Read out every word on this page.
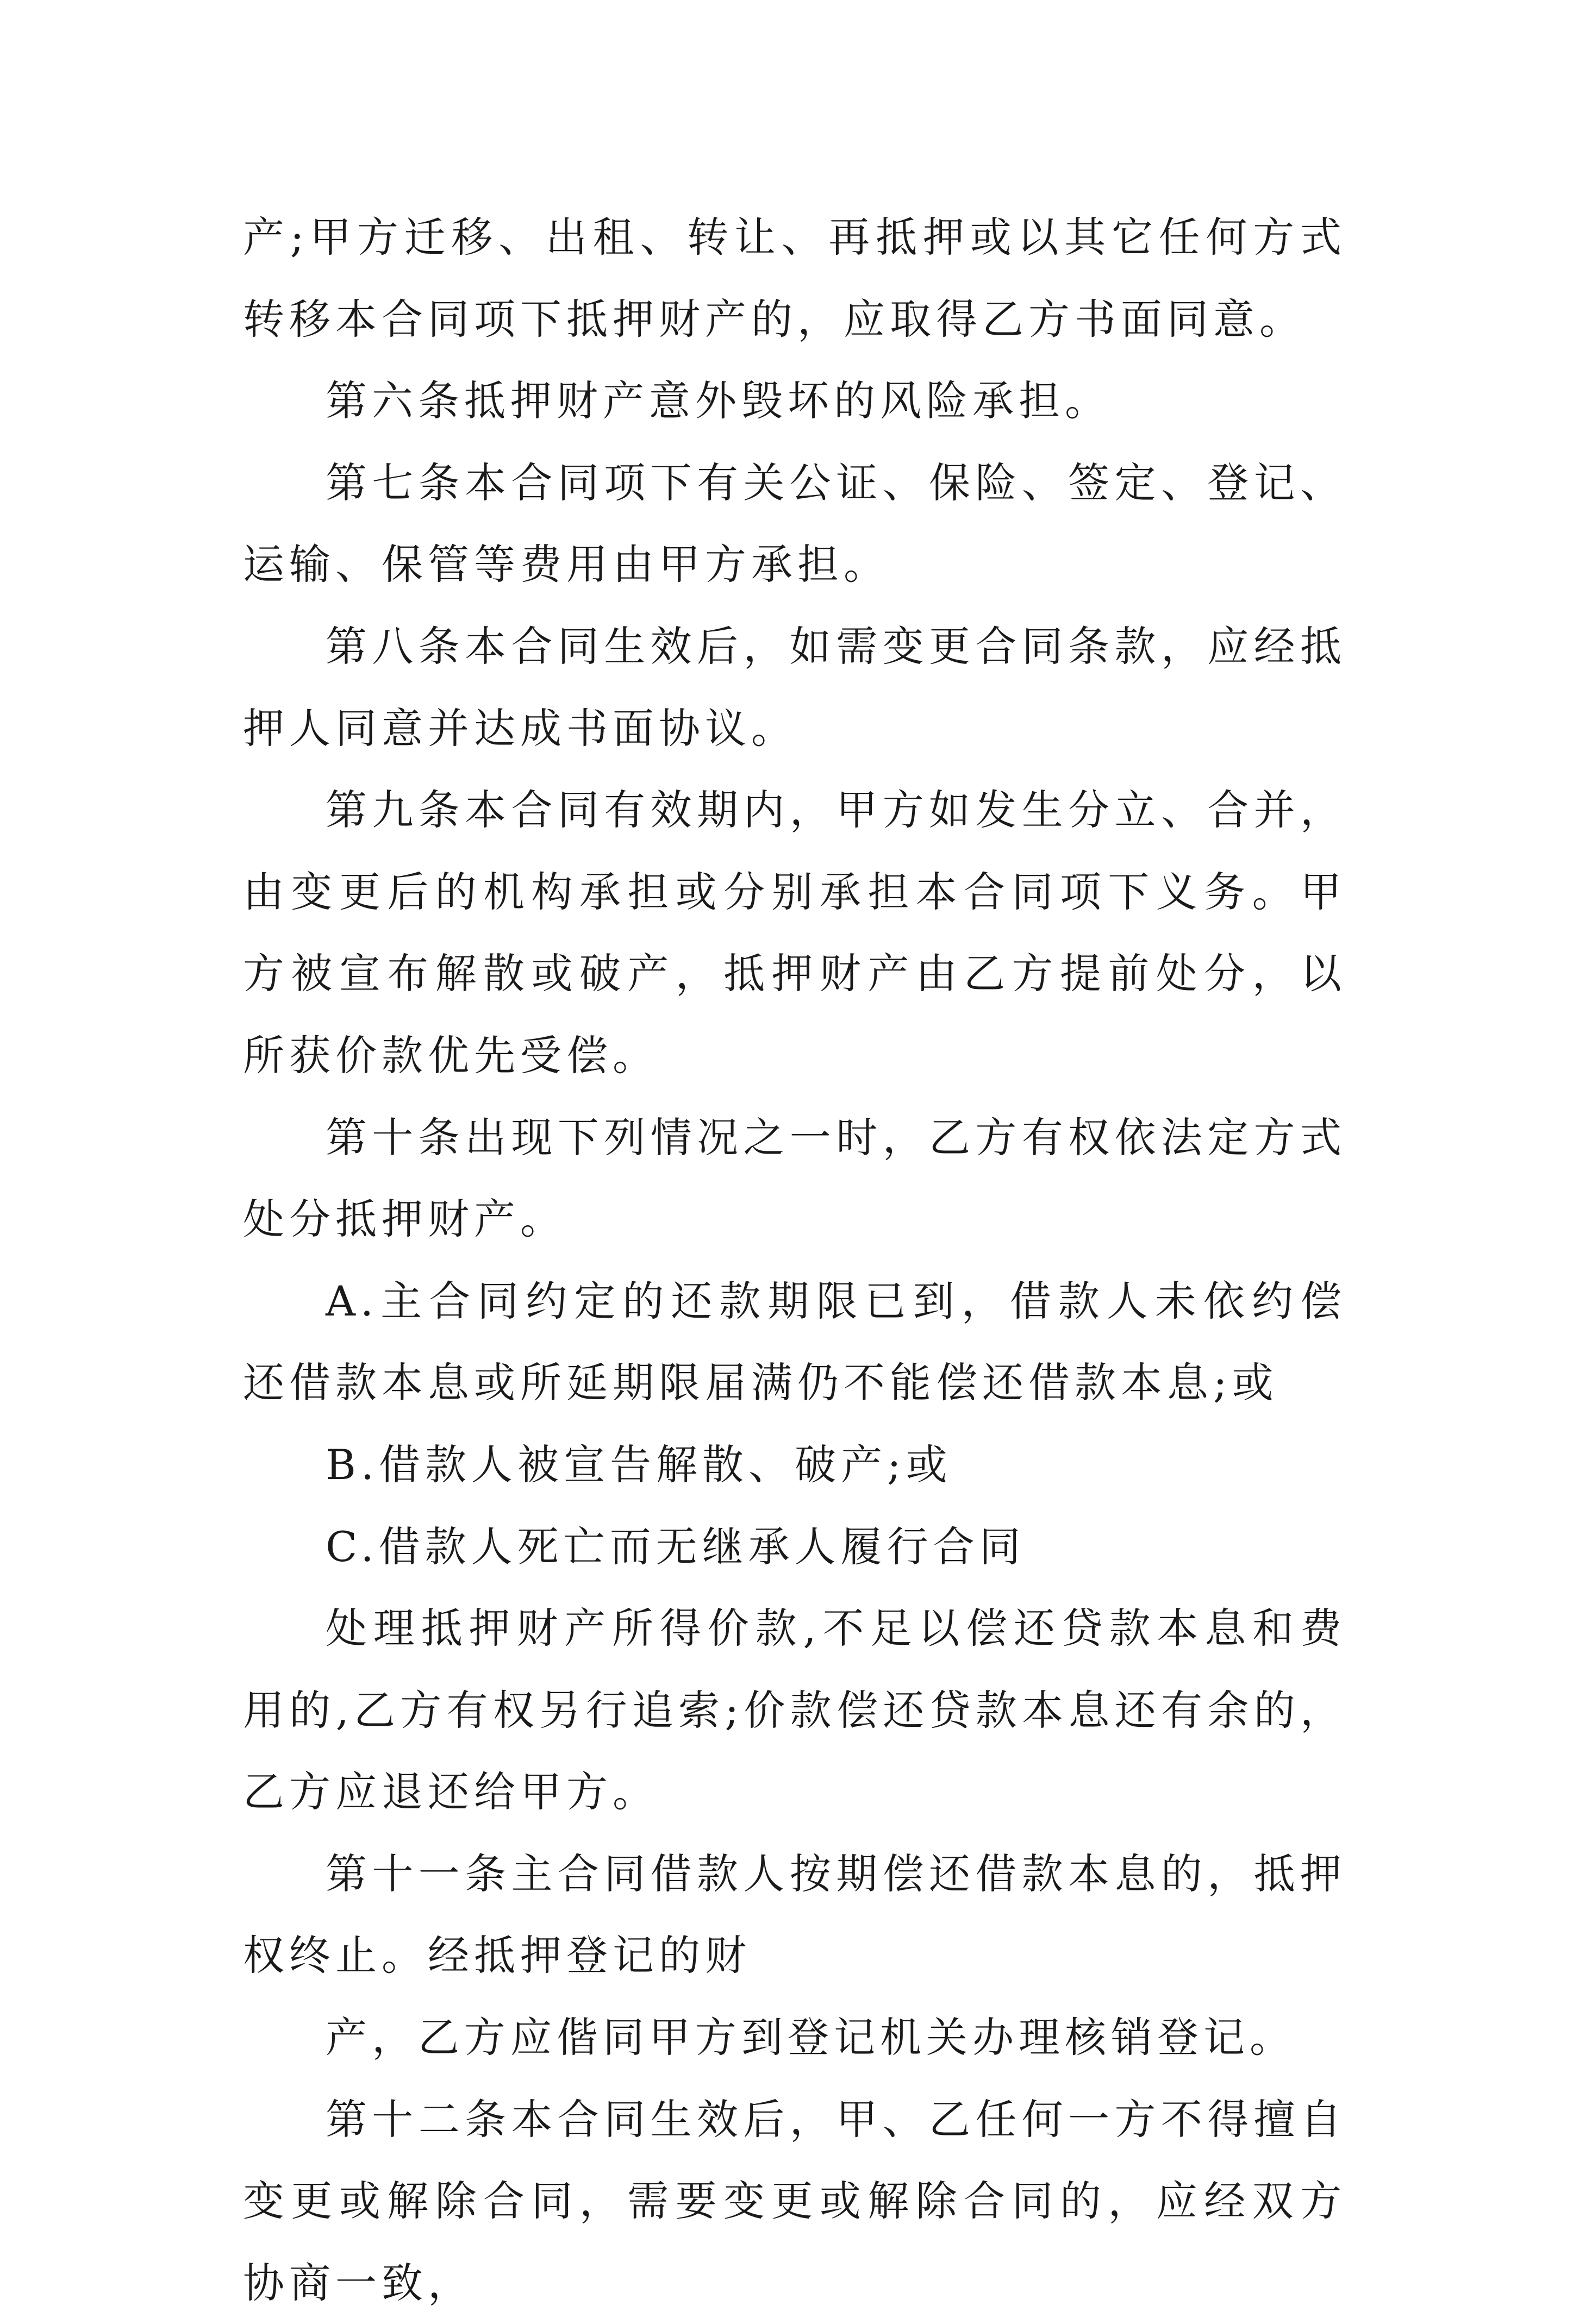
产;甲方迁移、出租、转让、再抵押或以其它任何方式转移本合同项下抵押财产的，应取得乙方书面同意。

第六条抵押财产意外毁坏的风险承担。

第七条本合同项下有关公证、保险、签定、登记、运输、保管等费用由甲方承担。

第八条本合同生效后，如需变更合同条款，应经抵押人同意并达成书面协议。

第九条本合同有效期内，甲方如发生分立、合并，由变更后的机构承担或分别承担本合同项下义务。甲方被宣布解散或破产，抵押财产由乙方提前处分，以所获价款优先受偿。

第十条出现下列情况之一时，乙方有权依法定方式处分抵押财产。

A.主合同约定的还款期限已到，借款人未依约偿还借款本息或所延期限届满仍不能偿还借款本息;或

B.借款人被宣告解散、破产;或

C.借款人死亡而无继承人履行合同

处理抵押财产所得价款,不足以偿还贷款本息和费用的,乙方有权另行追索;价款偿还贷款本息还有余的，乙方应退还给甲方。

第十一条主合同借款人按期偿还借款本息的，抵押权终止。经抵押登记的财

产，乙方应偕同甲方到登记机关办理核销登记。

第十二条本合同生效后，甲、乙任何一方不得擅自变更或解除合同，需要变更或解除合同的，应经双方协商一致，
